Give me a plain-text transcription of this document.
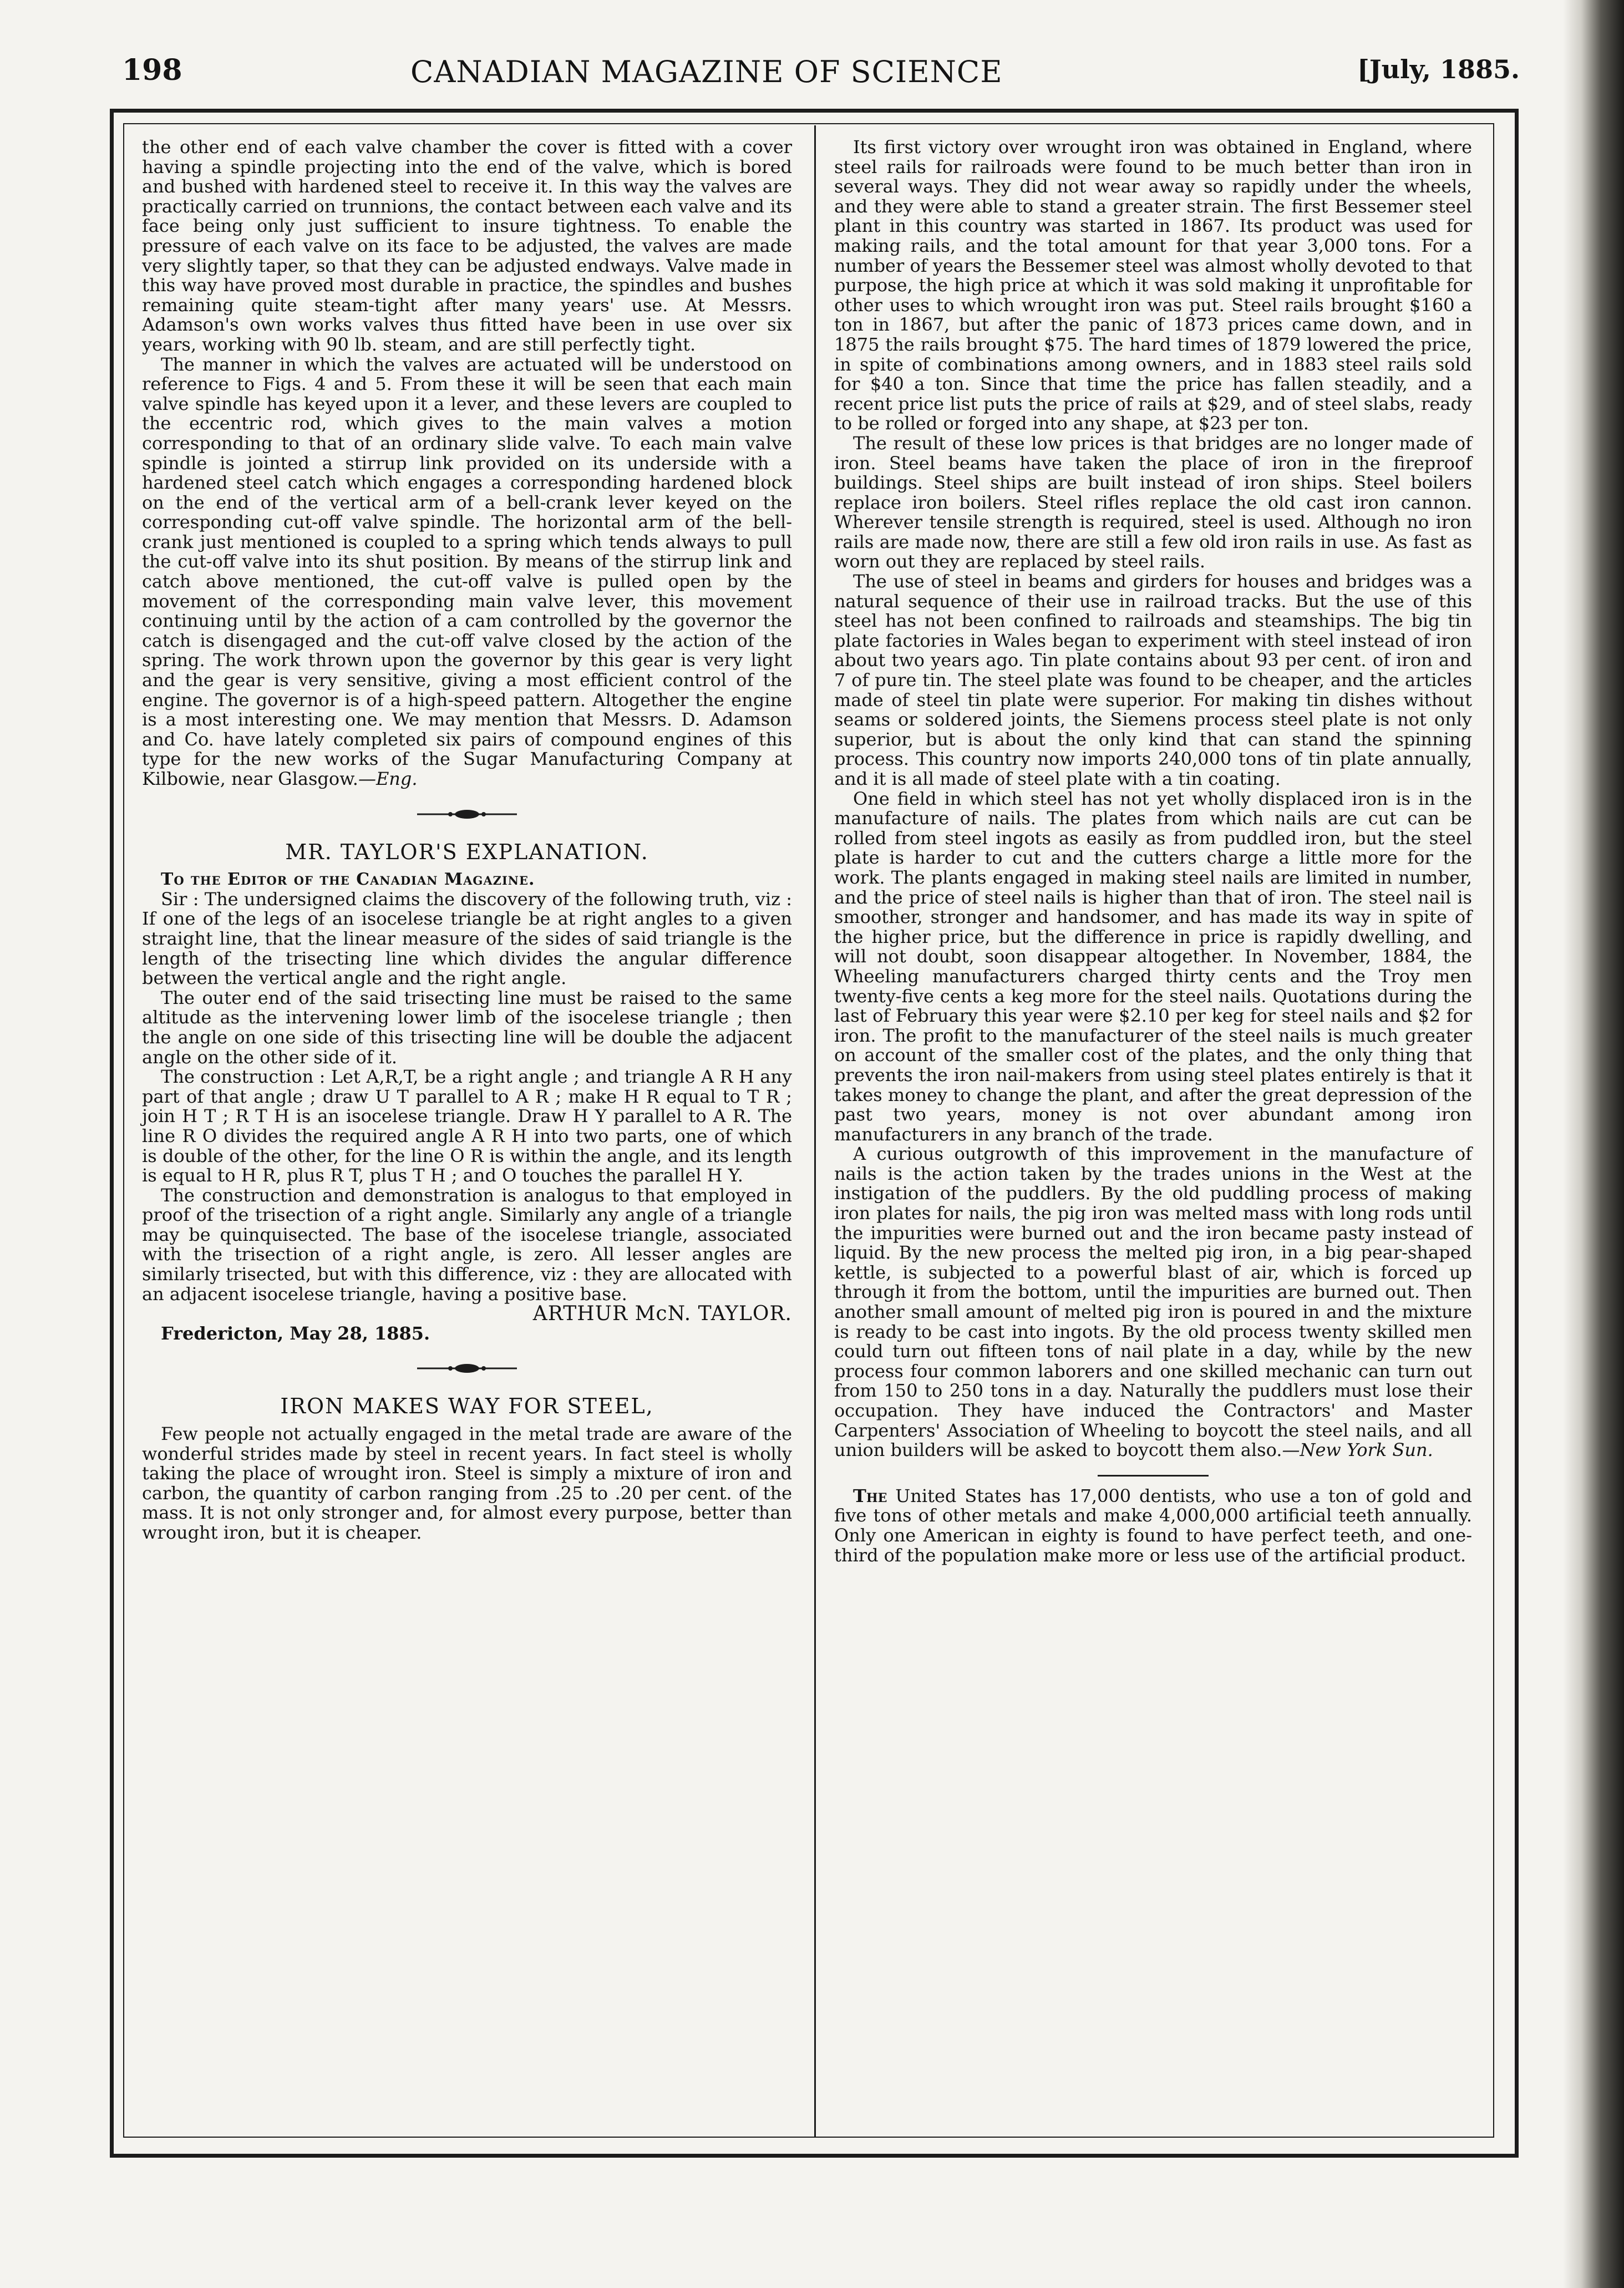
198	CANADIAN MAGAZINE OF SCIENCE	[July, 1885.

the other end of each valve chamber the cover is fitted with a cover having a spindle projecting into the end of the valve, which is bored and bushed with hardened steel to receive it. In this way the valves are practically carried on trunnions, the contact between each valve and its face being only just sufficient to insure tightness. To enable the pressure of each valve on its face to be adjusted, the valves are made very slightly taper, so that they can be adjusted endways. Valve made in this way have proved most durable in practice, the spindles and bushes remaining quite steam-tight after many years' use. At Messrs. Adamson's own works valves thus fitted have been in use over six years, working with 90 lb. steam, and are still perfectly tight.

The manner in which the valves are actuated will be understood on reference to Figs. 4 and 5. From these it will be seen that each main valve spindle has keyed upon it a lever, and these levers are coupled to the eccentric rod, which gives to the main valves a motion corresponding to that of an ordinary slide valve. To each main valve spindle is jointed a stirrup link provided on its underside with a hardened steel catch which engages a corresponding hardened block on the end of the vertical arm of a bell-crank lever keyed on the corresponding cut-off valve spindle. The horizontal arm of the bell-crank just mentioned is coupled to a spring which tends always to pull the cut-off valve into its shut position. By means of the stirrup link and catch above mentioned, the cut-off valve is pulled open by the movement of the corresponding main valve lever, this movement continuing until by the action of a cam controlled by the governor the catch is disengaged and the cut-off valve closed by the action of the spring. The work thrown upon the governor by this gear is very light and the gear is very sensitive, giving a most efficient control of the engine. The governor is of a high-speed pattern. Altogether the engine is a most interesting one. We may mention that Messrs. D. Adamson and Co. have lately completed six pairs of compound engines of this type for the new works of the Sugar Manufacturing Company at Kilbowie, near Glasgow.—Eng.

MR. TAYLOR'S EXPLANATION.

To the Editor of the Canadian Magazine.

Sir : The undersigned claims the discovery of the following truth, viz : If one of the legs of an isocelese triangle be at right angles to a given straight line, that the linear measure of the sides of said triangle is the length of the trisecting line which divides the angular difference between the vertical angle and the right angle.

The outer end of the said trisecting line must be raised to the same altitude as the intervening lower limb of the isocelese triangle ; then the angle on one side of this trisecting line will be double the adjacent angle on the other side of it.

The construction : Let A,R,T, be a right angle ; and triangle A R H any part of that angle ; draw U T parallel to A R ; make H R equal to T R ; join H T ; R T H is an isocelese triangle. Draw H Y parallel to A R. The line R O divides the required angle A R H into two parts, one of which is double of the other, for the line O R is within the angle, and its length is equal to H R, plus R T, plus T H ; and O touches the parallel H Y.

The construction and demonstration is analogus to that employed in proof of the trisection of a right angle. Similarly any angle of a triangle may be quinquisected. The base of the isocelese triangle, associated with the trisection of a right angle, is zero. All lesser angles are similarly trisected, but with this difference, viz : they are allocated with an adjacent isocelese triangle, having a positive base.

ARTHUR McN. TAYLOR.

Fredericton, May 28, 1885.

IRON MAKES WAY FOR STEEL,

Few people not actually engaged in the metal trade are aware of the wonderful strides made by steel in recent years. In fact steel is wholly taking the place of wrought iron. Steel is simply a mixture of iron and carbon, the quantity of carbon ranging from .25 to .20 per cent. of the mass. It is not only stronger and, for almost every purpose, better than wrought iron, but it is cheaper.

Its first victory over wrought iron was obtained in England, where steel rails for railroads were found to be much better than iron in several ways. They did not wear away so rapidly under the wheels, and they were able to stand a greater strain. The first Bessemer steel plant in this country was started in 1867. Its product was used for making rails, and the total amount for that year 3,000 tons. For a number of years the Bessemer steel was almost wholly devoted to that purpose, the high price at which it was sold making it unprofitable for other uses to which wrought iron was put. Steel rails brought $160 a ton in 1867, but after the panic of 1873 prices came down, and in 1875 the rails brought $75. The hard times of 1879 lowered the price, in spite of combinations among owners, and in 1883 steel rails sold for $40 a ton. Since that time the price has fallen steadily, and a recent price list puts the price of rails at $29, and of steel slabs, ready to be rolled or forged into any shape, at $23 per ton.

The result of these low prices is that bridges are no longer made of iron. Steel beams have taken the place of iron in the fireproof buildings. Steel ships are built instead of iron ships. Steel boilers replace iron boilers. Steel rifles replace the old cast iron cannon. Wherever tensile strength is required, steel is used. Although no iron rails are made now, there are still a few old iron rails in use. As fast as worn out they are replaced by steel rails.

The use of steel in beams and girders for houses and bridges was a natural sequence of their use in railroad tracks. But the use of this steel has not been confined to railroads and steamships. The big tin plate factories in Wales began to experiment with steel instead of iron about two years ago. Tin plate contains about 93 per cent. of iron and 7 of pure tin. The steel plate was found to be cheaper, and the articles made of steel tin plate were superior. For making tin dishes without seams or soldered joints, the Siemens process steel plate is not only superior, but is about the only kind that can stand the spinning process. This country now imports 240,000 tons of tin plate annually, and it is all made of steel plate with a tin coating.

One field in which steel has not yet wholly displaced iron is in the manufacture of nails. The plates from which nails are cut can be rolled from steel ingots as easily as from puddled iron, but the steel plate is harder to cut and the cutters charge a little more for the work. The plants engaged in making steel nails are limited in number, and the price of steel nails is higher than that of iron. The steel nail is smoother, stronger and handsomer, and has made its way in spite of the higher price, but the difference in price is rapidly dwelling, and will not doubt, soon disappear altogether. In November, 1884, the Wheeling manufacturers charged thirty cents and the Troy men twenty-five cents a keg more for the steel nails. Quotations during the last of February this year were $2.10 per keg for steel nails and $2 for iron. The profit to the manufacturer of the steel nails is much greater on account of the smaller cost of the plates, and the only thing that prevents the iron nail-makers from using steel plates entirely is that it takes money to change the plant, and after the great depression of the past two years, money is not over abundant among iron manufacturers in any branch of the trade.

A curious outgrowth of this improvement in the manufacture of nails is the action taken by the trades unions in the West at the instigation of the puddlers. By the old puddling process of making iron plates for nails, the pig iron was melted mass with long rods until the impurities were burned out and the iron became pasty instead of liquid. By the new process the melted pig iron, in a big pear-shaped kettle, is subjected to a powerful blast of air, which is forced up through it from the bottom, until the impurities are burned out. Then another small amount of melted pig iron is poured in and the mixture is ready to be cast into ingots. By the old process twenty skilled men could turn out fifteen tons of nail plate in a day, while by the new process four common laborers and one skilled mechanic can turn out from 150 to 250 tons in a day. Naturally the puddlers must lose their occupation. They have induced the Contractors' and Master Carpenters' Association of Wheeling to boycott the steel nails, and all union builders will be asked to boycott them also.—New York Sun.

The United States has 17,000 dentists, who use a ton of gold and five tons of other metals and make 4,000,000 artificial teeth annually. Only one American in eighty is found to have perfect teeth, and one-third of the population make more or less use of the artificial product.
